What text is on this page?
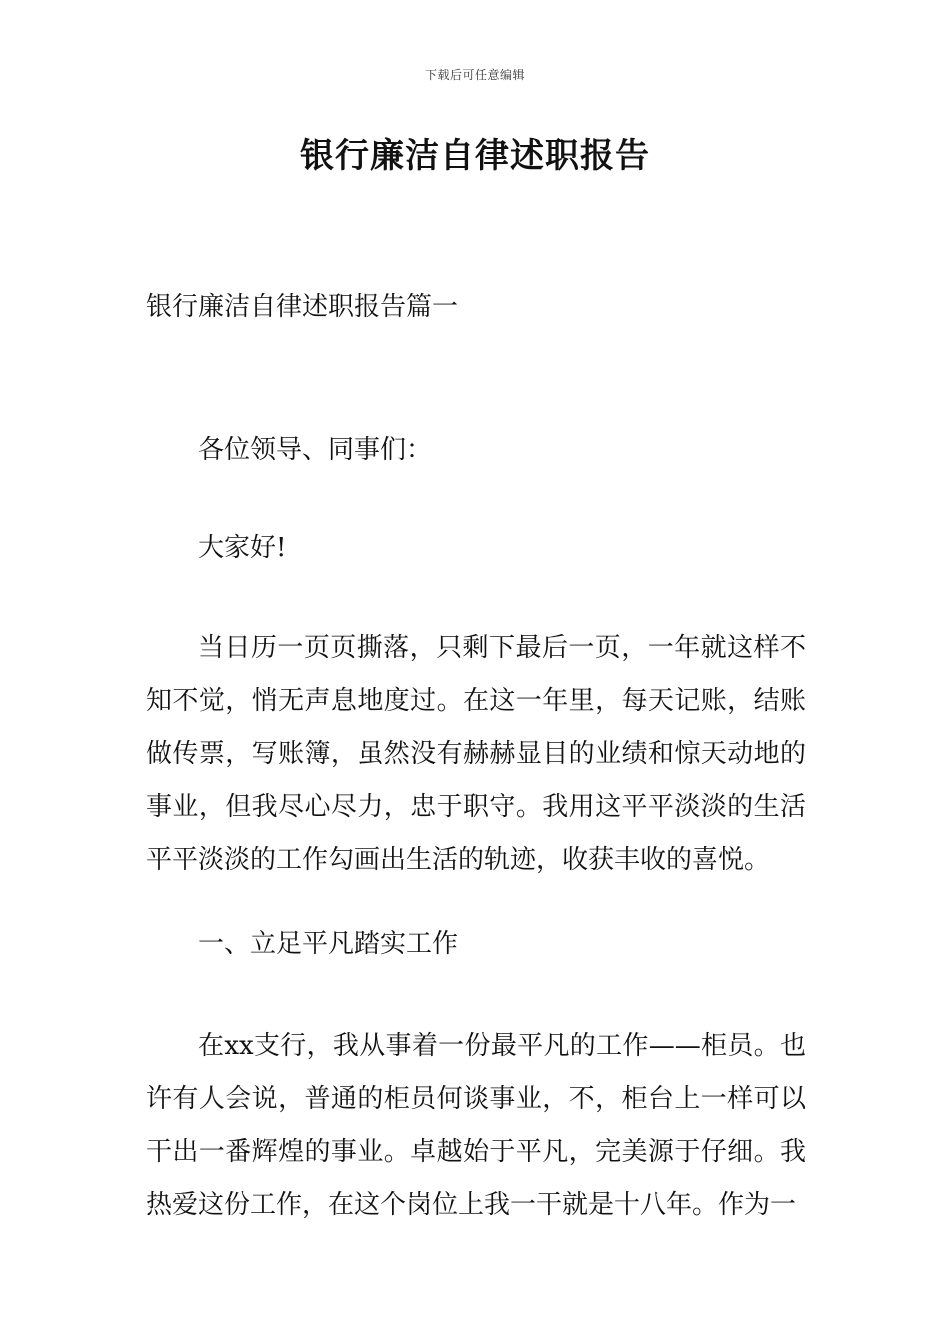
下载后可任意编辑
银行廉洁自律述职报告

银行廉洁自律述职报告篇一

各位领导、同事们：

大家好!

当日历一页页撕落，只剩下最后一页，一年就这样不知不觉，悄无声息地度过。在这一年里，每天记账，结账做传票，写账簿，虽然没有赫赫显目的业绩和惊天动地的事业，但我尽心尽力，忠于职守。我用这平平淡淡的生活平平淡淡的工作勾画出生活的轨迹，收获丰收的喜悦。

一、立足平凡踏实工作

在xx支行，我从事着一份最平凡的工作——柜员。也许有人会说，普通的柜员何谈事业，不，柜台上一样可以干出一番辉煌的事业。卓越始于平凡，完美源于仔细。我热爱这份工作，在这个岗位上我一干就是十八年。作为一
